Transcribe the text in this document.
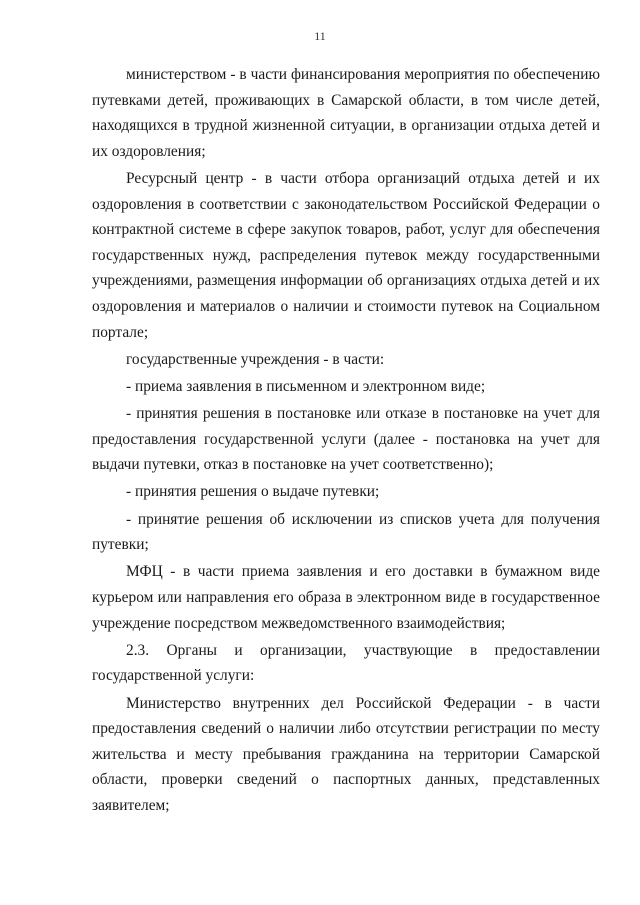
11

министерством - в части финансирования мероприятия по обеспечению путевками детей, проживающих в Самарской области, в том числе детей, находящихся в трудной жизненной ситуации, в организации отдыха детей и их оздоровления;

Ресурсный центр - в части отбора организаций отдыха детей и их оздоровления в соответствии с законодательством Российской Федерации о контрактной системе в сфере закупок товаров, работ, услуг для обеспечения государственных нужд, распределения путевок между государственными учреждениями, размещения информации об организациях отдыха детей и их оздоровления и материалов о наличии и стоимости путевок на Социальном портале;

государственные учреждения - в части:

- приема заявления в письменном и электронном виде;

- принятия решения в постановке или отказе в постановке на учет для предоставления государственной услуги (далее - постановка на учет для выдачи путевки, отказ в постановке на учет соответственно);

- принятия решения о выдаче путевки;

- принятие решения об исключении из списков учета для получения путевки;

МФЦ - в части приема заявления и его доставки в бумажном виде курьером или направления его образа в электронном виде в государственное учреждение посредством межведомственного взаимодействия;

2.3. Органы и организации, участвующие в предоставлении государственной услуги:

Министерство внутренних дел Российской Федерации - в части предоставления сведений о наличии либо отсутствии регистрации по месту жительства и месту пребывания гражданина на территории Самарской области, проверки сведений о паспортных данных, представленных заявителем;
